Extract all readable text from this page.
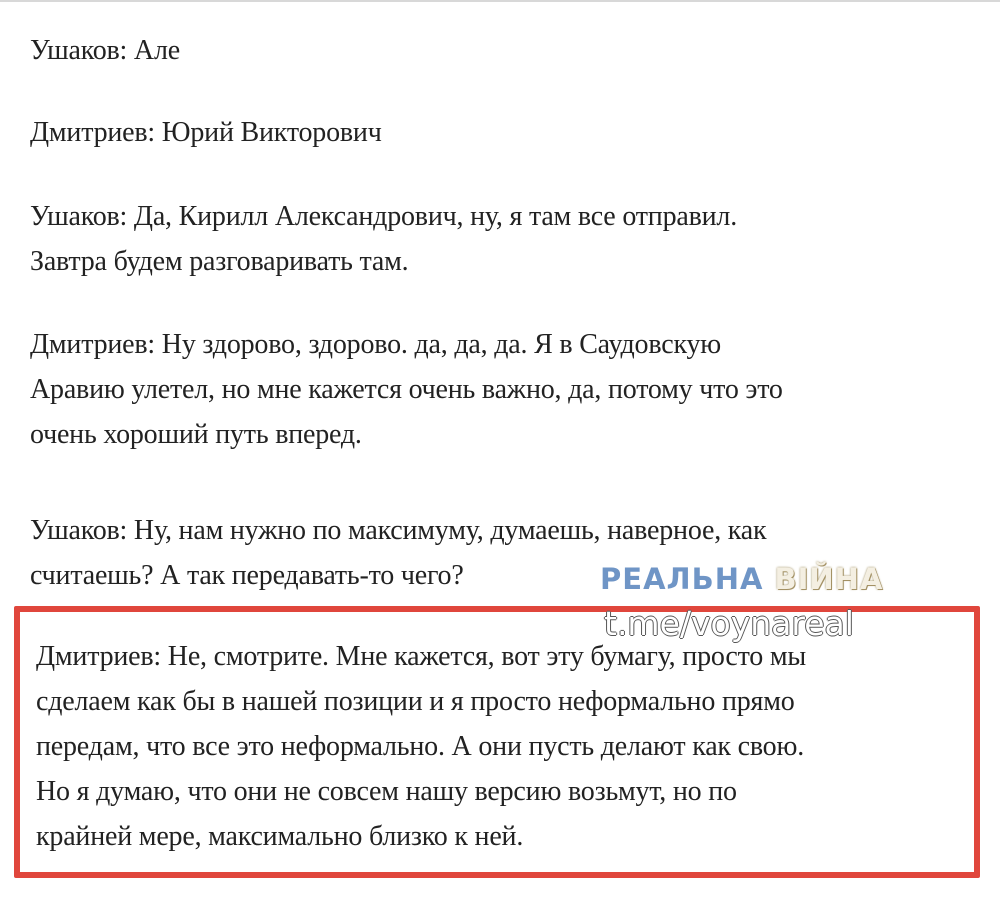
Ушаков: Але
Дмитриев: Юрий Викторович
Ушаков: Да, Кирилл Александрович, ну, я там все отправил.
Завтра будем разговаривать там.
Дмитриев: Ну здорово, здорово. да, да, да. Я в Саудовскую
Аравию улетел, но мне кажется очень важно, да, потому что это
очень хороший путь вперед.
Ушаков: Ну, нам нужно по максимуму, думаешь, наверное, как
считаешь? А так передавать-то чего?
Дмитриев: Не, смотрите. Мне кажется, вот эту бумагу, просто мы
сделаем как бы в нашей позиции и я просто неформально прямо
передам, что все это неформально. А они пусть делают как свою.
Но я думаю, что они не совсем нашу версию возьмут, но по
крайней мере, максимально близко к ней.
РЕАЛЬНА ВІЙНА
t.me/voynareal
